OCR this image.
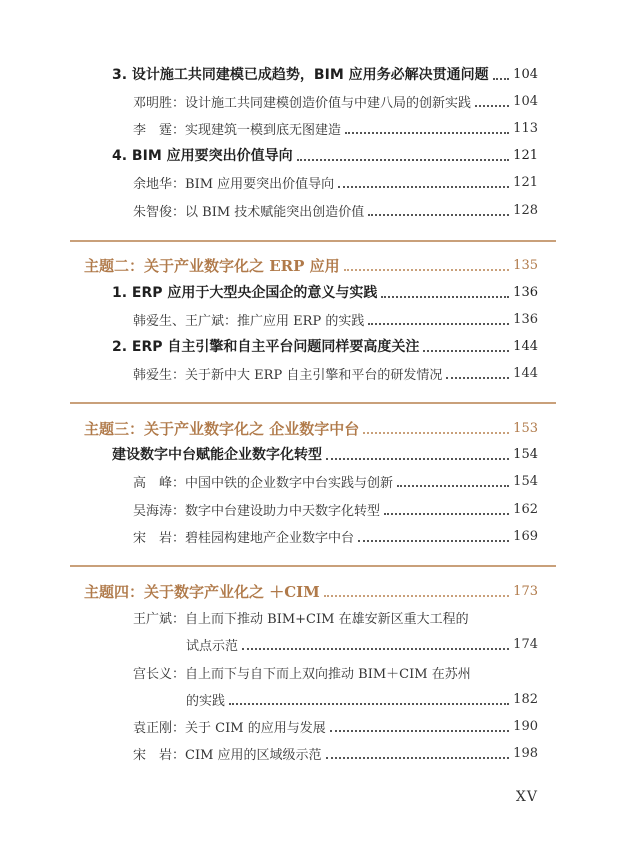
3. 设计施工共同建模已成趋势，BIM 应用务必解决贯通问题 104
邓明胜：设计施工共同建模创造价值与中建八局的创新实践	104
李　霆：实现建筑一模到底无图建造	113
4. BIM 应用要突出价值导向	121
余地华：BIM 应用要突出价值导向	121
朱智俊：以 BIM 技术赋能突出创造价值	128
主题二：关于产业数字化之 ERP 应用	135
1. ERP 应用于大型央企国企的意义与实践	136
韩爱生、王广斌：推广应用 ERP 的实践	136
2. ERP 自主引擎和自主平台问题同样要高度关注	144
韩爱生：关于新中大 ERP 自主引擎和平台的研发情况	144
主题三：关于产业数字化之 企业数字中台	153
建设数字中台赋能企业数字化转型	154
高　峰：中国中铁的企业数字中台实践与创新	154
吴海涛：数字中台建设助力中天数字化转型	162
宋　岩：碧桂园构建地产企业数字中台	169
主题四：关于数字产业化之 ＋CIM	173
王广斌：自上而下推动 BIM+CIM 在雄安新区重大工程的
试点示范	174
宫长义：自上而下与自下而上双向推动 BIM＋CIM 在苏州
的实践	182
袁正刚：关于 CIM 的应用与发展	190
宋　岩：CIM 应用的区域级示范	198
XV
